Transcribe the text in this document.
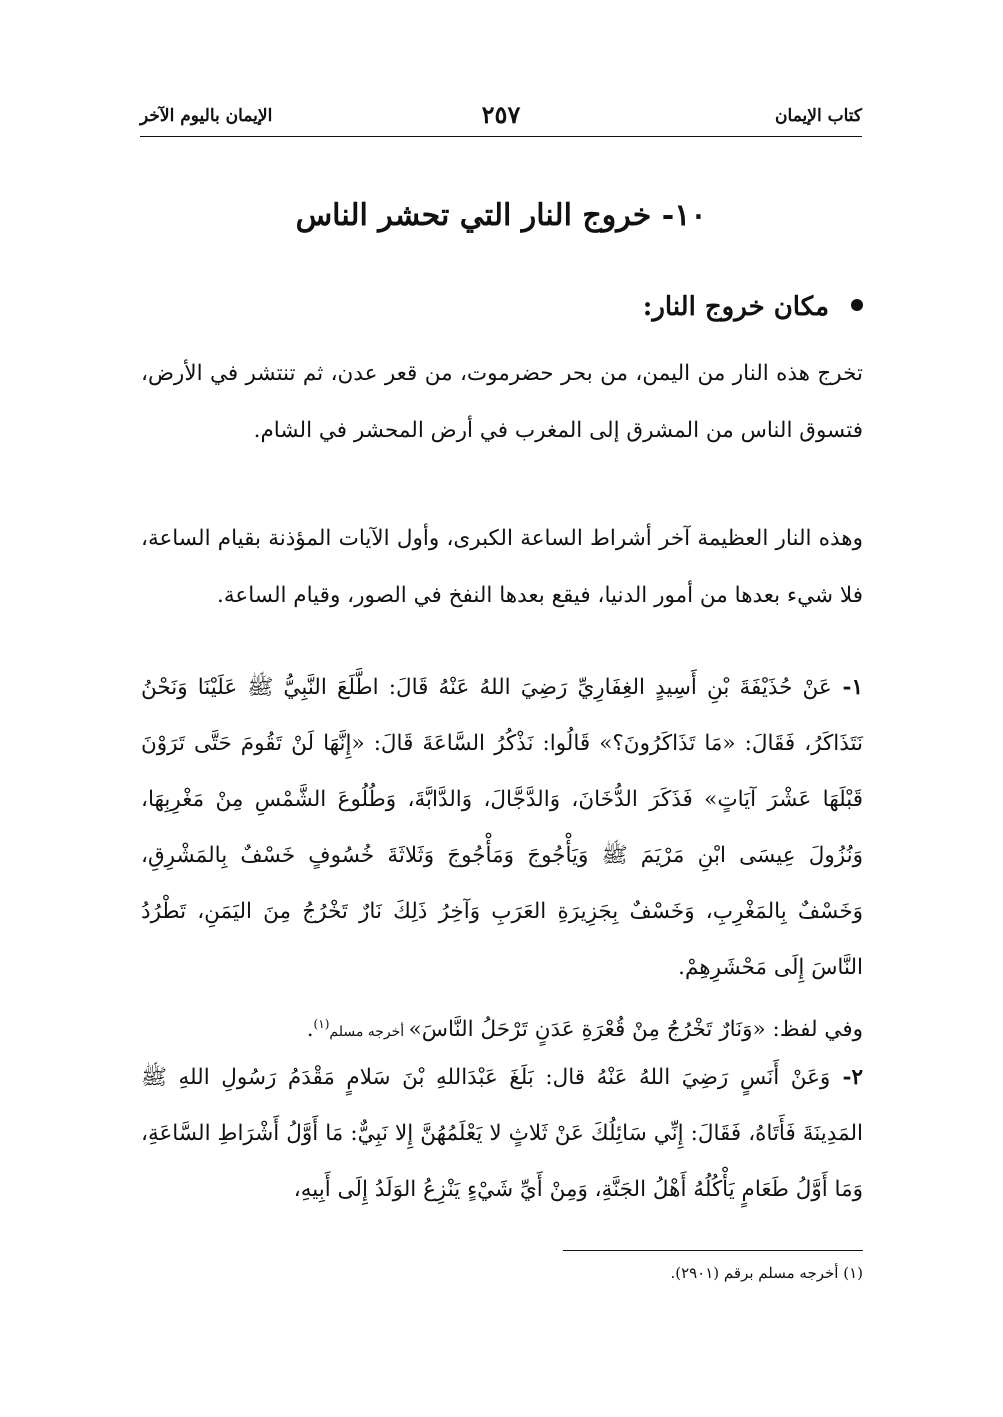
كتاب الإيمان
٢٥٧
الإيمان باليوم الآخر
١٠- خروج النار التي تحشر الناس
مكان خروج النار:
تخرج هذه النار من اليمن، من بحر حضرموت، من قعر عدن، ثم تنتشر في الأرض، فتسوق الناس من المشرق إلى المغرب في أرض المحشر في الشام.
وهذه النار العظيمة آخر أشراط الساعة الكبرى، وأول الآيات المؤذنة بقيام الساعة، فلا شيء بعدها من أمور الدنيا، فيقع بعدها النفخ في الصور، وقيام الساعة.
١- عَنْ حُذَيْفَةَ بْنِ أَسِيدٍ الغِفَارِيِّ رَضِيَ اللهُ عَنْهُ قَالَ: اطَّلَعَ النَّبِيُّ ﷺ عَلَيْنَا وَنَحْنُ نَتَذَاكَرُ، فَقَالَ: «مَا تَذَاكَرُونَ؟» قَالُوا: نَذْكُرُ السَّاعَةَ قَالَ: «إِنَّهَا لَنْ تَقُومَ حَتَّى تَرَوْنَ قَبْلَهَا عَشْرَ آيَاتٍ» فَذَكَرَ الدُّخَانَ، وَالدَّجَّالَ، وَالدَّابَّةَ، وَطُلُوعَ الشَّمْسِ مِنْ مَغْرِبِهَا، وَنُزُولَ عِيسَى ابْنِ مَرْيَمَ ﷺ وَيَأْجُوجَ وَمَأْجُوجَ وَثَلاثَةَ خُسُوفٍ خَسْفٌ بِالمَشْرِقِ، وَخَسْفٌ بِالمَغْرِبِ، وَخَسْفٌ بِجَزِيرَةِ العَرَبِ وَآخِرُ ذَلِكَ نَارٌ تَخْرُجُ مِنَ اليَمَنِ، تَطْرُدُ النَّاسَ إِلَى مَحْشَرِهِمْ.
وفي لفظ: «وَنَارٌ تَخْرُجُ مِنْ قُعْرَةِ عَدَنٍ تَرْحَلُ النَّاسَ» أخرجه مسلم$^{(١)}$.
٢- وَعَنْ أَنَسٍ رَضِيَ اللهُ عَنْهُ قال: بَلَغَ عَبْدَاللهِ بْنَ سَلامٍ مَقْدَمُ رَسُولِ اللهِ ﷺ المَدِينَةَ فَأَتَاهُ، فَقَالَ: إِنِّي سَائِلُكَ عَنْ ثَلاثٍ لا يَعْلَمُهُنَّ إِلا نَبِيٌّ: مَا أَوَّلُ أَشْرَاطِ السَّاعَةِ، وَمَا أَوَّلُ طَعَامٍ يَأْكُلُهُ أَهْلُ الجَنَّةِ، وَمِنْ أَيِّ شَيْءٍ يَنْزِعُ الوَلَدُ إِلَى أَبِيهِ،
(١) أخرجه مسلم برقم (٢٩٠١).
